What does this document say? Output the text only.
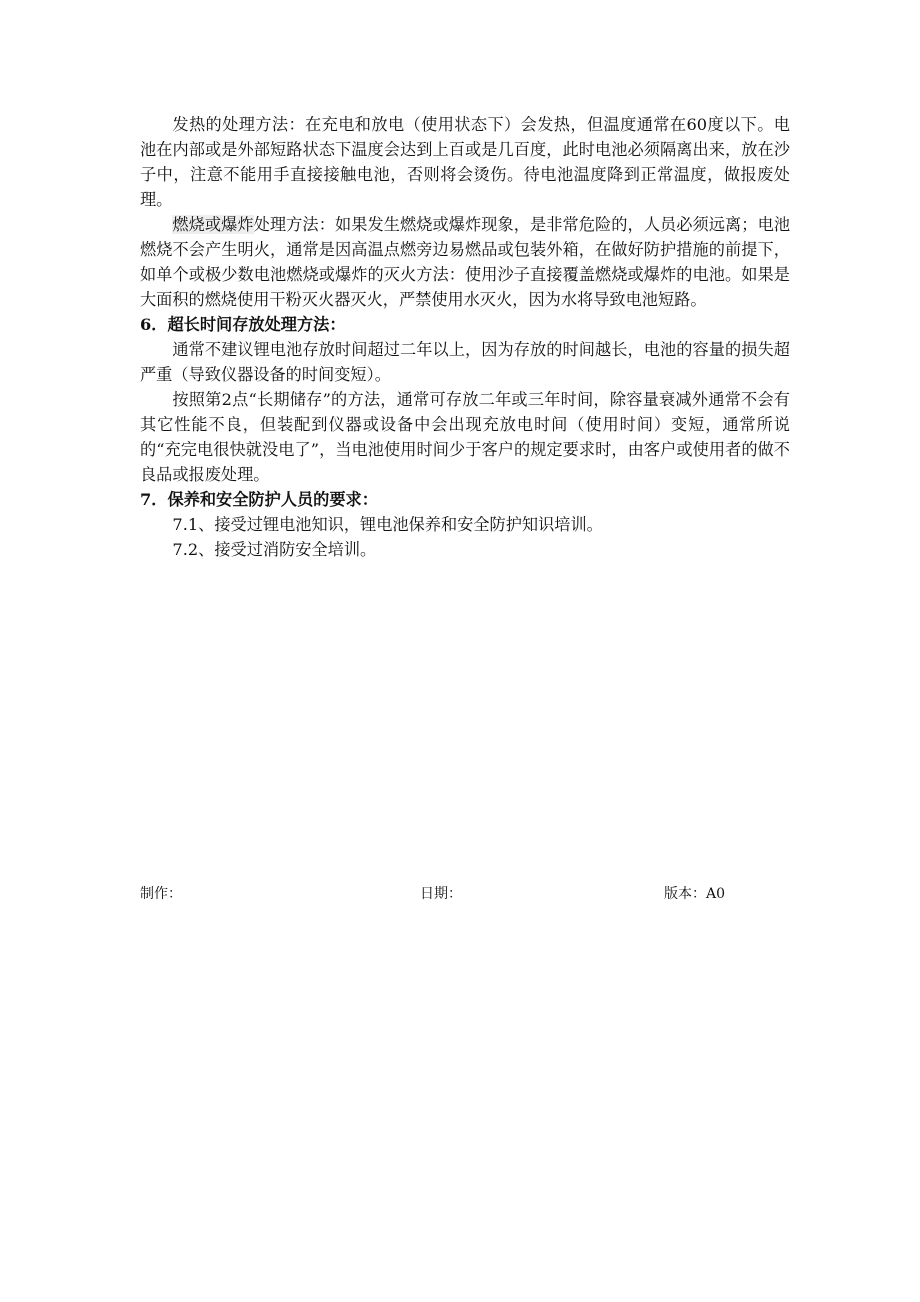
发热的处理方法：在充电和放电（使用状态下）会发热，但温度通常在60度以下。电池在内部或是外部短路状态下温度会达到上百或是几百度，此时电池必须隔离出来，放在沙子中，注意不能用手直接接触电池，否则将会烫伤。待电池温度降到正常温度，做报废处理。

燃烧或爆炸处理方法：如果发生燃烧或爆炸现象，是非常危险的，人员必须远离；电池燃烧不会产生明火，通常是因高温点燃旁边易燃品或包装外箱，在做好防护措施的前提下，如单个或极少数电池燃烧或爆炸的灭火方法：使用沙子直接覆盖燃烧或爆炸的电池。如果是大面积的燃烧使用干粉灭火器灭火，严禁使用水灭火，因为水将导致电池短路。

6．超长时间存放处理方法：

通常不建议锂电池存放时间超过二年以上，因为存放的时间越长，电池的容量的损失超严重（导致仪器设备的时间变短）。

按照第2点“长期储存”的方法，通常可存放二年或三年时间，除容量衰减外通常不会有其它性能不良，但装配到仪器或设备中会出现充放电时间（使用时间）变短，通常所说的“充完电很快就没电了”，当电池使用时间少于客户的规定要求时，由客户或使用者的做不良品或报废处理。

7．保养和安全防护人员的要求：

7.1、接受过锂电池知识，锂电池保养和安全防护知识培训。

7.2、接受过消防安全培训。

制作：	日期：	版本：A0
